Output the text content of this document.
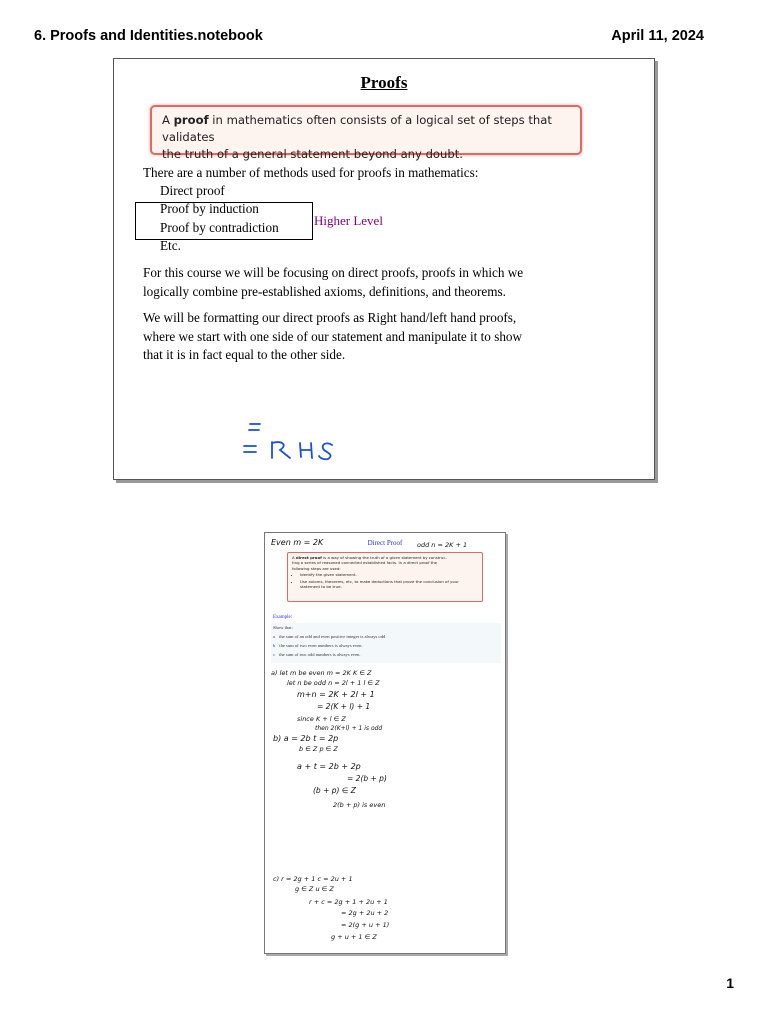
6. Proofs and Identities.notebook	April 11, 2024
Proofs
A proof in mathematics often consists of a logical set of steps that validates
the truth of a general statement beyond any doubt.
There are a number of methods used for proofs in mathematics:
Direct proof
Proof by induction
Proof by contradiction
Etc.
Higher Level
For this course we will be focusing on direct proofs, proofs in which we
logically combine pre-established axioms, definitions, and theorems.
We will be formatting our direct proofs as Right hand/left hand proofs,
where we start with one side of our statement and manipulate it to show
that it is in fact equal to the other side.
Direct Proof
A direct proof is a way of showing the truth of a given statement by construc-
ting a series of reasoned connected established facts. In a direct proof the
following steps are used:
• Identify the given statement.
• Use axioms, theorems, etc, to make deductions that prove the conclusion of your statement to be true.
Example:
Show that:
a the sum of an odd and even positive integer is always odd
b the sum of two even numbers is always even.
c the sum of two odd numbers is always even.
Even m = 2K	odd n = 2K + 1
a) let m be even m = 2K K ∈ Z
let n be odd n = 2l + 1 l ∈ Z
m+n = 2K + 2l + 1
= 2(K + l) + 1
since K + l ∈ Z
then 2(K+l) + 1 is odd
b) a = 2b t = 2p
b ∈ Z p ∈ Z
a + t = 2b + 2p
= 2(b + p)
(b + p) ∈ Z
2(b + p) is even
c) r = 2g + 1 c = 2u + 1
g ∈ Z u ∈ Z
r + c = 2g + 1 + 2u + 1
= 2g + 2u + 2
= 2(g + u + 1)
g + u + 1 ∈ Z
1
